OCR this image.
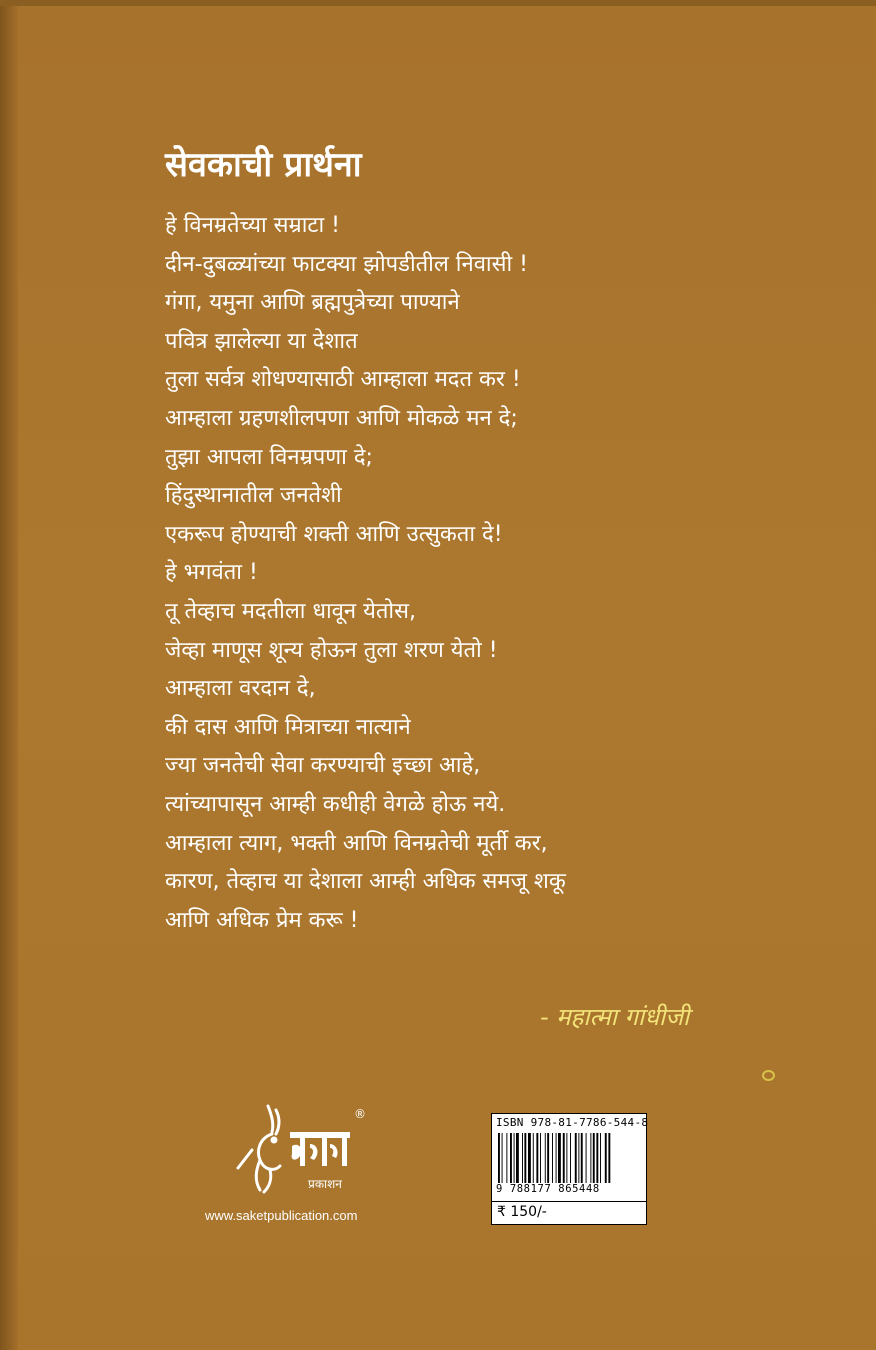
सेवकाची प्रार्थना
हे विनम्रतेच्या सम्राटा !
दीन-दुबळ्यांच्या फाटक्या झोपडीतील निवासी !
गंगा, यमुना आणि ब्रह्मपुत्रेच्या पाण्याने
पवित्र झालेल्या या देशात
तुला सर्वत्र शोधण्यासाठी आम्हाला मदत कर !
आम्हाला ग्रहणशीलपणा आणि मोकळे मन दे;
तुझा आपला विनम्रपणा दे;
हिंदुस्थानातील जनतेशी
एकरूप होण्याची शक्ती आणि उत्सुकता दे!
हे भगवंता !
तू तेव्हाच मदतीला धावून येतोस,
जेव्हा माणूस शून्य होऊन तुला शरण येतो !
आम्हाला वरदान दे,
की दास आणि मित्राच्या नात्याने
ज्या जनतेची सेवा करण्याची इच्छा आहे,
त्यांच्यापासून आम्ही कधीही वेगळे होऊ नये.
आम्हाला त्याग, भक्ती आणि विनम्रतेची मूर्ती कर,
कारण, तेव्हाच या देशाला आम्ही अधिक समजू शकू
आणि अधिक प्रेम करू !
- महात्मा गांधीजी
प्रकाशन
®
www.saketpublication.com
ISBN 978-81-7786-544-8
9 788177 865448
₹ 150/-
